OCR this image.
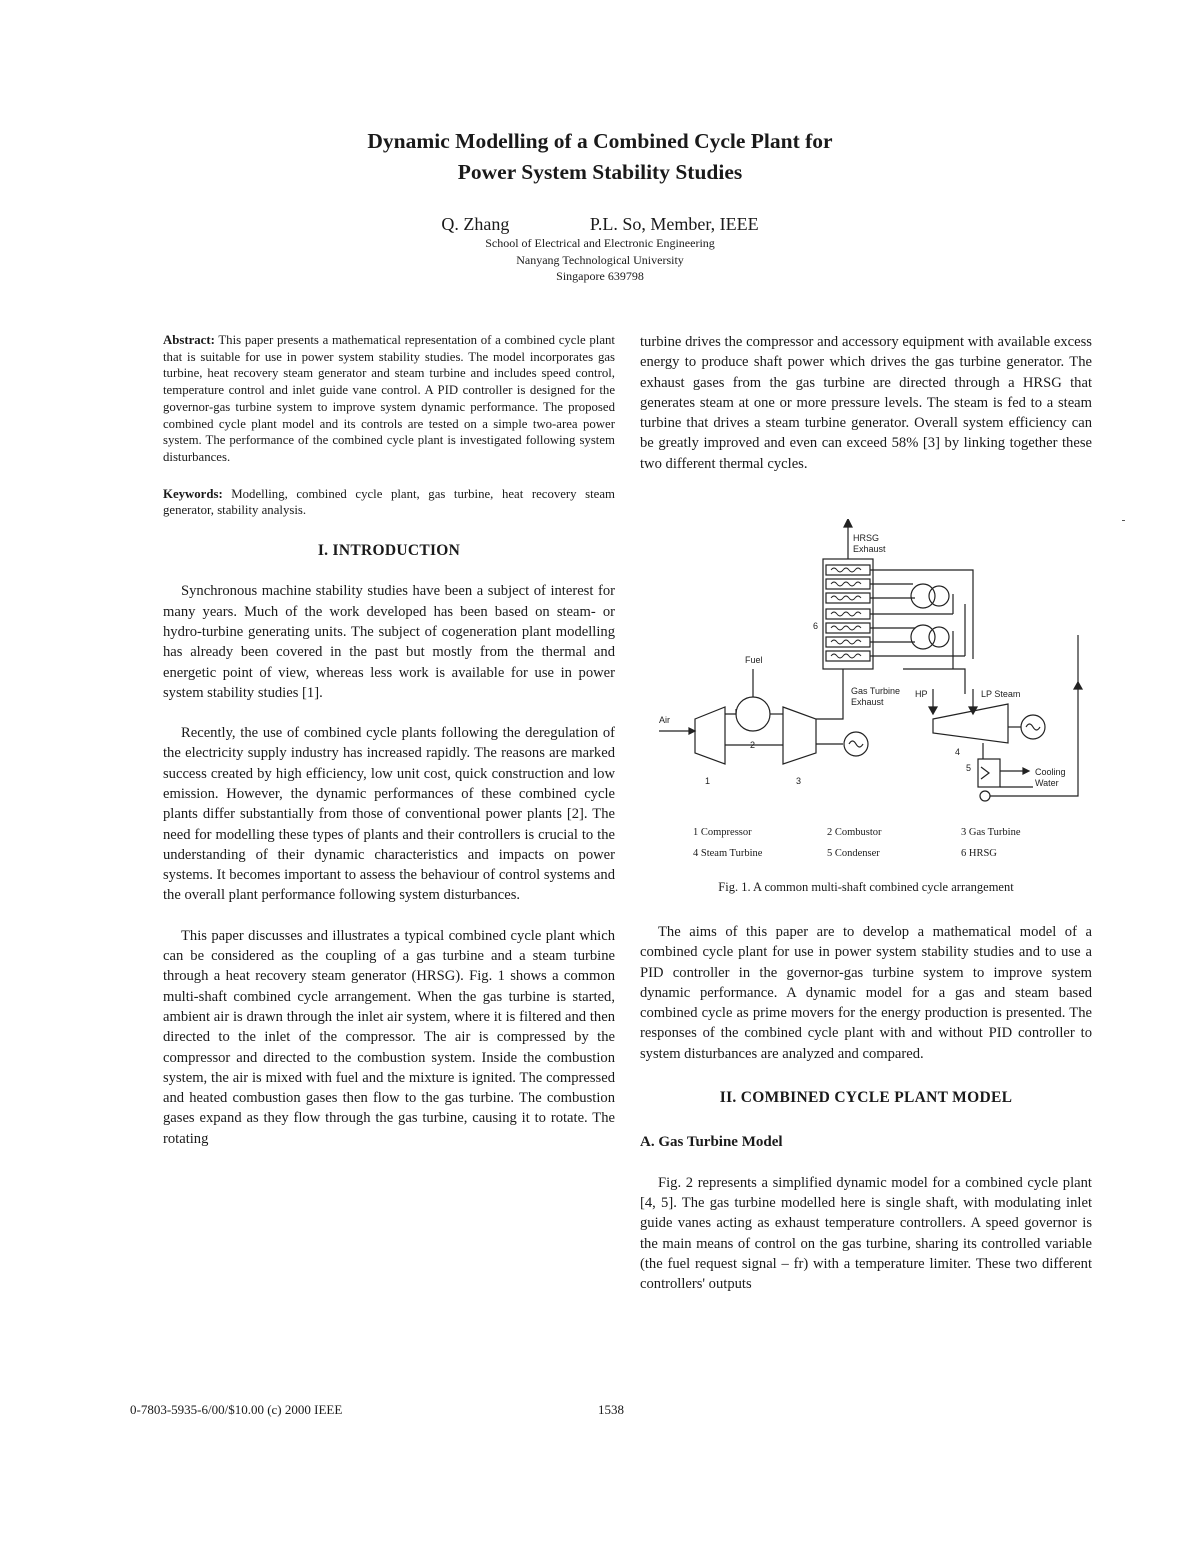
Dynamic Modelling of a Combined Cycle Plant for
Power System Stability Studies
Q. Zhang	P.L. So, Member, IEEE
School of Electrical and Electronic Engineering
Nanyang Technological University
Singapore 639798

Abstract: This paper presents a mathematical representation of a combined cycle plant that is suitable for use in power system stability studies. The model incorporates gas turbine, heat recovery steam generator and steam turbine and includes speed control, temperature control and inlet guide vane control. A PID controller is designed for the governor-gas turbine system to improve system dynamic performance. The proposed combined cycle plant model and its controls are tested on a simple two-area power system. The performance of the combined cycle plant is investigated following system disturbances.

Keywords: Modelling, combined cycle plant, gas turbine, heat recovery steam generator, stability analysis.

I. INTRODUCTION

Synchronous machine stability studies have been a subject of interest for many years. Much of the work developed has been based on steam- or hydro-turbine generating units. The subject of cogeneration plant modelling has already been covered in the past but mostly from the thermal and energetic point of view, whereas less work is available for use in power system stability studies [1].

Recently, the use of combined cycle plants following the deregulation of the electricity supply industry has increased rapidly. The reasons are marked success created by high efficiency, low unit cost, quick construction and low emission. However, the dynamic performances of these combined cycle plants differ substantially from those of conventional power plants [2]. The need for modelling these types of plants and their controllers is crucial to the understanding of their dynamic characteristics and impacts on power systems. It becomes important to assess the behaviour of control systems and the overall plant performance following system disturbances.

This paper discusses and illustrates a typical combined cycle plant which can be considered as the coupling of a gas turbine and a steam turbine through a heat recovery steam generator (HRSG). Fig. 1 shows a common multi-shaft combined cycle arrangement. When the gas turbine is started, ambient air is drawn through the inlet air system, where it is filtered and then directed to the inlet of the compressor. The air is compressed by the compressor and directed to the combustion system. Inside the combustion system, the air is mixed with fuel and the mixture is ignited. The compressed and heated combustion gases then flow to the gas turbine. The combustion gases expand as they flow through the gas turbine, causing it to rotate. The rotating

turbine drives the compressor and accessory equipment with available excess energy to produce shaft power which drives the gas turbine generator. The exhaust gases from the gas turbine are directed through a HRSG that generates steam at one or more pressure levels. The steam is fed to a steam turbine that drives a steam turbine generator. Overall system efficiency can be greatly improved and even can exceed 58% [3] by linking together these two different thermal cycles.

HRSG
Exhaust
6
Gas Turbine
Exhaust
Fuel
2
Air
1	3
HP	LP Steam
4
5	Cooling
Water
1 Compressor	2 Combustor	3 Gas Turbine
4 Steam Turbine	5 Condenser	6 HRSG
Fig. 1. A common multi-shaft combined cycle arrangement

The aims of this paper are to develop a mathematical model of a combined cycle plant for use in power system stability studies and to use a PID controller in the governor-gas turbine system to improve system dynamic performance. A dynamic model for a gas and steam based combined cycle as prime movers for the energy production is presented. The responses of the combined cycle plant with and without PID controller to system disturbances are analyzed and compared.

II. COMBINED CYCLE PLANT MODEL

A. Gas Turbine Model

Fig. 2 represents a simplified dynamic model for a combined cycle plant [4, 5]. The gas turbine modelled here is single shaft, with modulating inlet guide vanes acting as exhaust temperature controllers. A speed governor is the main means of control on the gas turbine, sharing its controlled variable (the fuel request signal – fr) with a temperature limiter. These two different controllers' outputs

0-7803-5935-6/00/$10.00 (c) 2000 IEEE	1538
